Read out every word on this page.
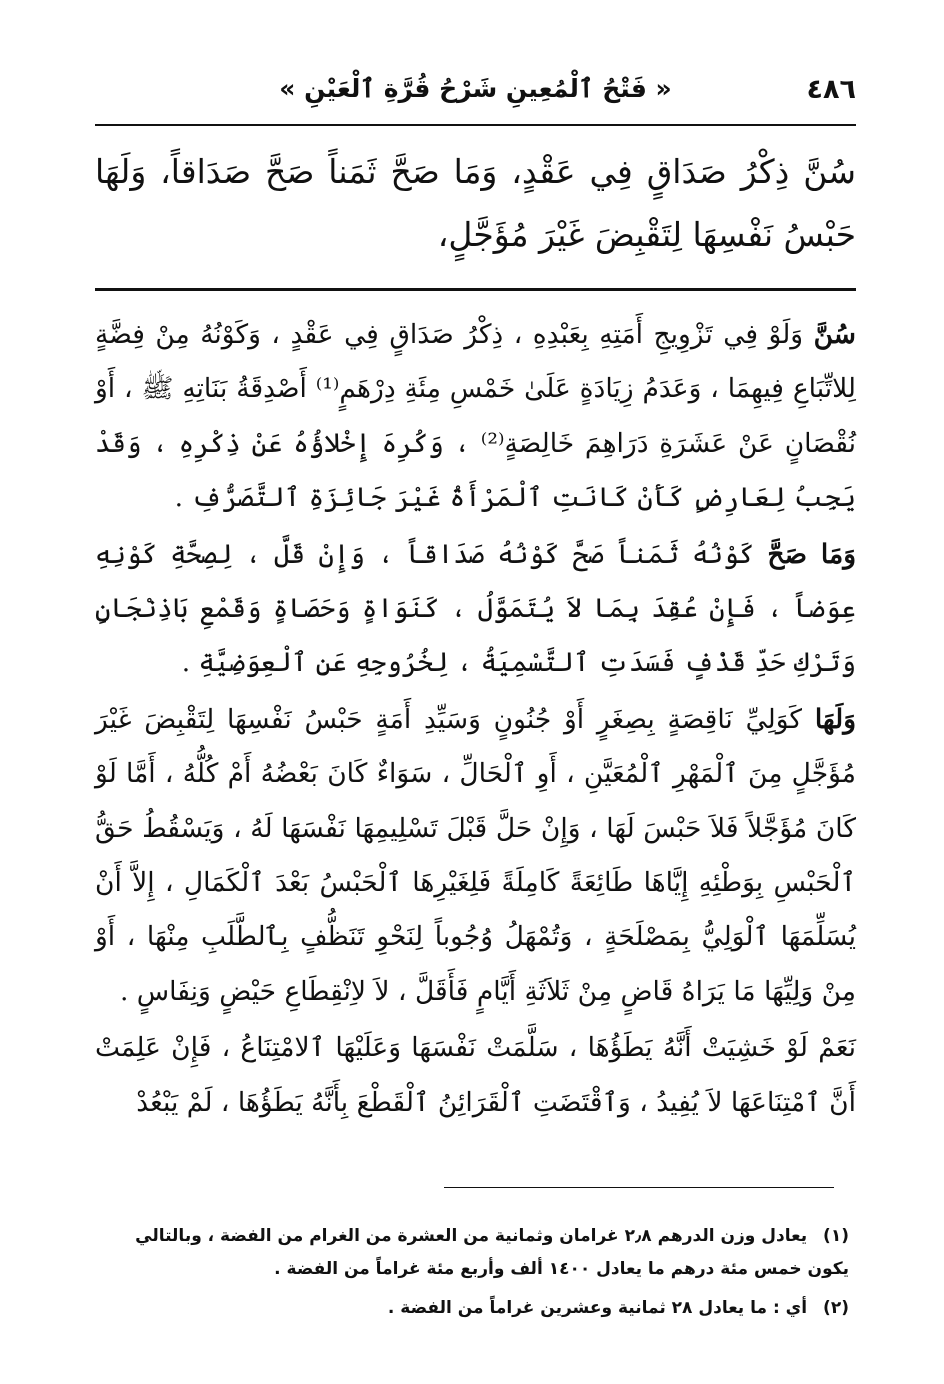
٤٨٦
« فَتْحُ ٱلْمُعِينِ شَرْحُ قُرَّةِ ٱلْعَيْنِ »
سُنَّ ذِكْرُ صَدَاقٍ فِي عَقْدٍ، وَمَا صَحَّ ثَمَناً صَحَّ صَدَاقاً، وَلَهَا حَبْسُ نَفْسِهَا لِتَقْبِضَ غَيْرَ مُؤَجَّلٍ،

سُنَّ وَلَوْ فِي تَزْوِيجِ أَمَتِهِ بِعَبْدِهِ ، ذِكْرُ صَدَاقٍ فِي عَقْدٍ ، وَكَوْنُهُ مِنْ فِضَّةٍ لِلاتِّبَاعِ فِيهِمَا ، وَعَدَمُ زِيَادَةٍ عَلَىٰ خَمْسِ مِئَةِ دِرْهَمٍ⁽¹⁾ أَصْدِقَةُ بَنَاتِهِ ﷺ ، أَوْ نُقْصَانٍ عَنْ عَشَرَةِ دَرَاهِمَ خَالِصَةٍ⁽²⁾ ، وَكُرِهَ إِخْلاؤُهُ عَنْ ذِكْرِهِ ، وَقَدْ يَجِبُ لِعَارِضٍ كَأَنْ كَانَتِ ٱلْمَرْأَةُ غَيْرَ جَائِزَةِ ٱلتَّصَرُّفِ .

وَمَا صَحَّ كَوْنُهُ ثَمَناً صَحَّ كَوْنُهُ صَدَاقاً ، وَإِنْ قَلَّ ، لِصِحَّةِ كَوْنِهِ عِوَضاً ، فَإِنْ عُقِدَ بِمَا لاَ يُتَمَوَّلُ ، كَنَوَاةٍ وَحَصَاةٍ وَقَمْعِ بَاذِنْجَانٍ وَتَرْكِ حَدِّ قَذْفٍ فَسَدَتِ ٱلتَّسْمِيَةُ ، لِخُرُوجِهِ عَنِ ٱلْعِوَضِيَّةِ .

وَلَهَا كَوَلِيِّ نَاقِصَةٍ بِصِغَرٍ أَوْ جُنُونٍ وَسَيِّدِ أَمَةٍ حَبْسُ نَفْسِهَا لِتَقْبِضَ غَيْرَ مُؤَجَّلٍ مِنَ ٱلْمَهْرِ ٱلْمُعَيَّنِ ، أَوِ ٱلْحَالِّ ، سَوَاءٌ كَانَ بَعْضُهُ أَمْ كُلُّهُ ، أَمَّا لَوْ كَانَ مُؤَجَّلاً فَلاَ حَبْسَ لَهَا ، وَإِنْ حَلَّ قَبْلَ تَسْلِيمِهَا نَفْسَهَا لَهُ ، وَيَسْقُطُ حَقُّ ٱلْحَبْسِ بِوَطْئِهِ إِيَّاهَا طَائِعَةً كَامِلَةً فَلِغَيْرِهَا ٱلْحَبْسُ بَعْدَ ٱلْكَمَالِ ، إِلاَّ أَنْ يُسَلِّمَهَا ٱلْوَلِيُّ بِمَصْلَحَةٍ ، وَتُمْهَلُ وُجُوباً لِنَحْوِ تَنَظُّفٍ بِٱلطَّلَبِ مِنْهَا ، أَوْ مِنْ وَلِيِّهَا مَا يَرَاهُ قَاضٍ مِنْ ثَلاَثَةِ أَيَّامٍ فَأَقَلَّ ، لاَ لاِنْقِطَاعِ حَيْضٍ وَنِفَاسٍ .

نَعَمْ لَوْ خَشِيَتْ أَنَّهُ يَطَؤُهَا ، سَلَّمَتْ نَفْسَهَا وَعَلَيْهَا ٱلامْتِنَاعُ ، فَإِنْ عَلِمَتْ أَنَّ ٱمْتِنَاعَهَا لاَ يُفِيدُ ، وَٱقْتَضَتِ ٱلْقَرَائِنُ ٱلْقَطْعَ بِأَنَّهُ يَطَؤُهَا ، لَمْ يَبْعُدْ

(١) يعادل وزن الدرهم ٢٫٨ غرامان وثمانية من العشرة من الغرام من الفضة ، وبالتالي يكون خمس مئة درهم ما يعادل ١٤٠٠ ألف وأربع مئة غراماً من الفضة .

(٢) أي : ما يعادل ٢٨ ثمانية وعشرين غراماً من الفضة .
